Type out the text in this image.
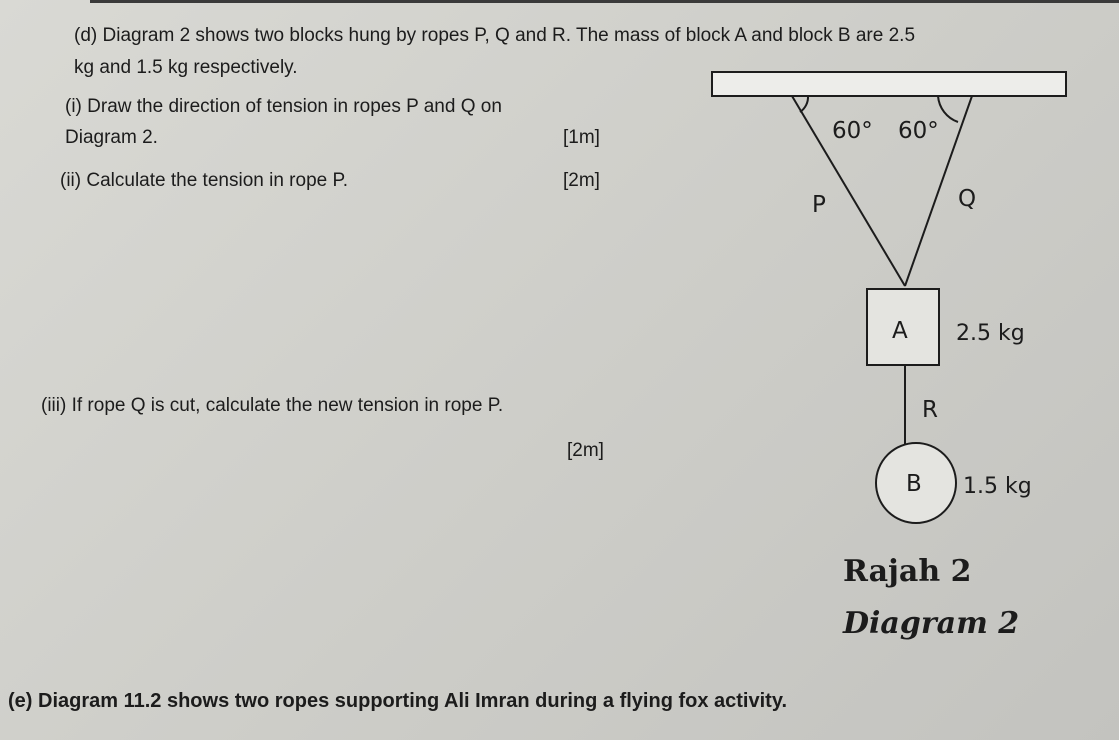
(d) Diagram 2 shows two blocks hung by ropes P, Q and R. The mass of block A and block B are 2.5
kg and 1.5 kg respectively.
(i) Draw the direction of tension in ropes P and Q on
Diagram 2.	[1m]
(ii) Calculate the tension in rope P.	[2m]
(iii) If rope Q is cut, calculate the new tension in rope P.
[2m]
60° 60°
P	Q
A 2.5 kg
R
B 1.5 kg
Rajah 2
Diagram 2
(e) Diagram 11.2 shows two ropes supporting Ali Imran during a flying fox activity.
